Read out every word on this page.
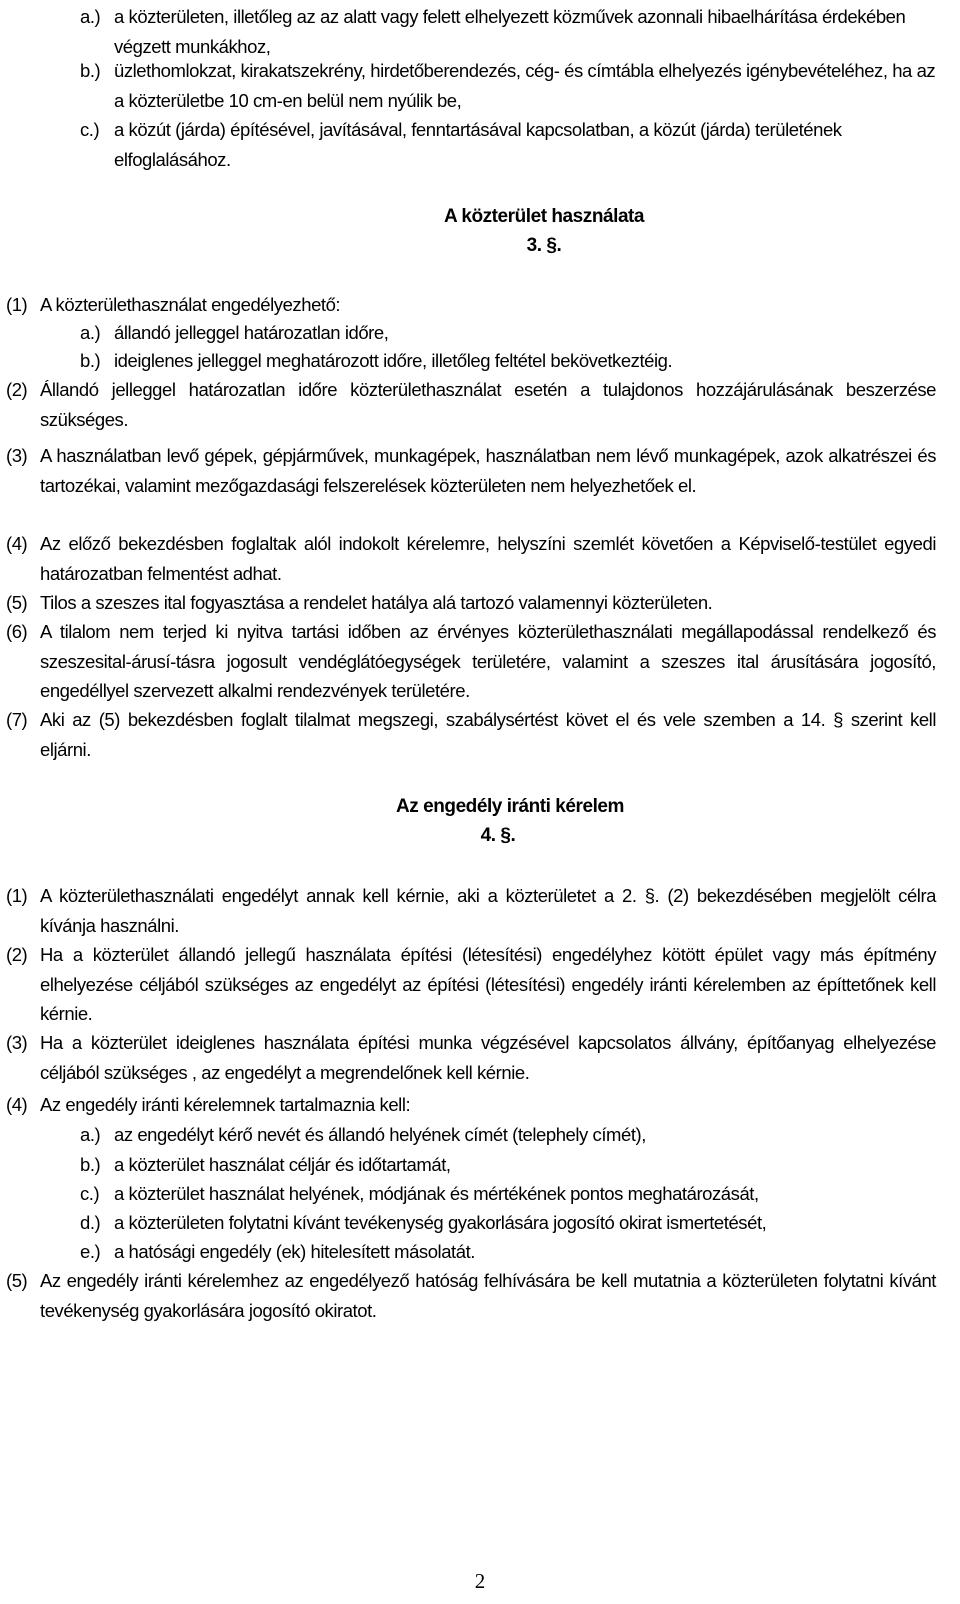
a.) a közterületen, illetőleg az az alatt vagy felett elhelyezett közművek azonnali hibaelhárítása érdekében végzett munkákhoz,
b.) üzlethomlokzat, kirakatszekrény, hirdetőberendezés, cég- és címtábla elhelyezés igénybevételéhez, ha az a közterületbe 10 cm-en belül nem nyúlik be,
c.) a közút (járda) építésével, javításával, fenntartásával kapcsolatban, a közút (járda) területének elfoglalásához.
A közterület használata
3. §.
(1) A közterülethasználat engedélyezhető:
a.) állandó jelleggel határozatlan időre,
b.) ideiglenes jelleggel meghatározott időre, illetőleg feltétel bekövetkeztéig.
(2) Állandó jelleggel határozatlan időre közterülethasználat esetén a tulajdonos hozzájárulásának beszerzése szükséges.
(3) A használatban levő gépek, gépjárművek, munkagépek, használatban nem lévő munkagépek, azok alkatrészei és tartozékai, valamint mezőgazdasági felszerelések közterületen nem helyezhetőek el.
(4) Az előző bekezdésben foglaltak alól indokolt kérelemre, helyszíni szemlét követően a Képviselő-testület egyedi határozatban felmentést adhat.
(5) Tilos a szeszes ital fogyasztása a rendelet hatálya alá tartozó valamennyi közterületen.
(6) A tilalom nem terjed ki nyitva tartási időben az érvényes közterülethasználati megállapodással rendelkező és szeszesital-árusí-tásra jogosult vendéglátóegységek területére, valamint a szeszes ital árusítására jogosító, engedéllyel szervezett alkalmi rendezvények területére.
(7) Aki az (5) bekezdésben foglalt tilalmat megszegi, szabálysértést követ el és vele szemben a 14. § szerint kell eljárni.
Az engedély iránti kérelem
4. §.
(1) A közterülethasználati engedélyt annak kell kérnie, aki a közterületet a 2. §. (2) bekezdésében megjelölt célra kívánja használni.
(2) Ha a közterület állandó jellegű használata építési (létesítési) engedélyhez kötött épület vagy más építmény elhelyezése céljából szükséges az engedélyt az építési (létesítési) engedély iránti kérelemben az építtetőnek kell kérnie.
(3) Ha a közterület ideiglenes használata építési munka végzésével kapcsolatos állvány, építőanyag elhelyezése céljából szükséges , az engedélyt a megrendelőnek kell kérnie.
(4) Az engedély iránti kérelemnek tartalmaznia kell:
a.) az engedélyt kérő nevét és állandó helyének címét (telephely címét),
b.) a közterület használat céljár és időtartamát,
c.) a közterület használat helyének, módjának és mértékének pontos meghatározását,
d.) a közterületen folytatni kívánt tevékenység gyakorlására jogosító okirat ismertetését,
e.) a hatósági engedély (ek) hitelesített másolatát.
(5) Az engedély iránti kérelemhez az engedélyező hatóság felhívására be kell mutatnia a közterületen folytatni kívánt tevékenység gyakorlására jogosító okiratot.
2
